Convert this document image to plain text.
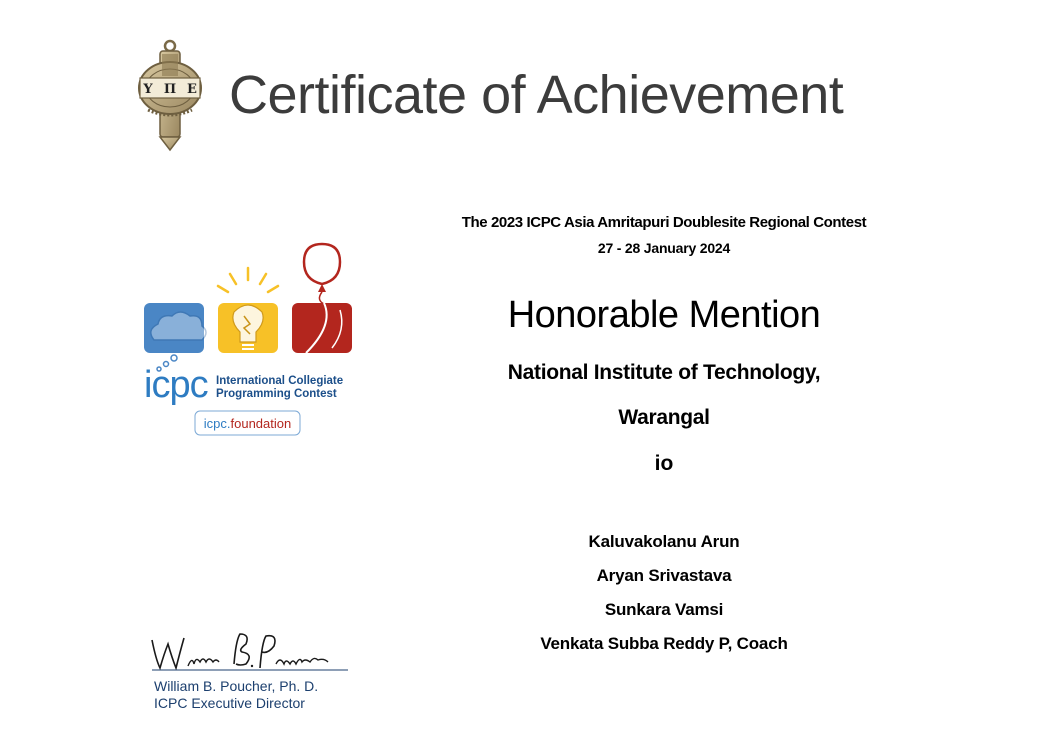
Υ Π Ε Certificate of Achievement
icpc International Collegiate
Programming Contest
icpc.foundation
The 2023 ICPC Asia Amritapuri Doublesite Regional Contest
27 - 28 January 2024
Honorable Mention
National Institute of Technology,
Warangal
io
Kaluvakolanu Arun
Aryan Srivastava
Sunkara Vamsi
Venkata Subba Reddy P, Coach
William B. Poucher, Ph. D.
ICPC Executive Director
